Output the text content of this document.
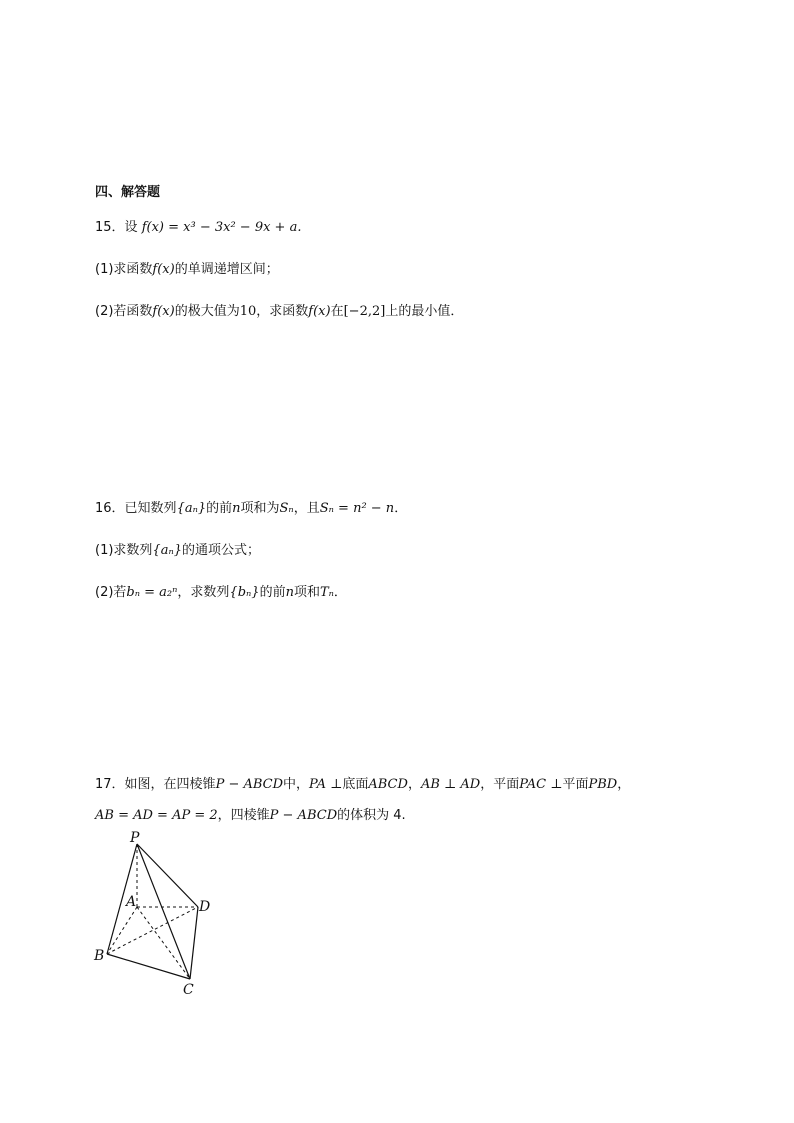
四、解答题
15．设 f(x) = x³ − 3x² − 9x + a.
(1)求函数f(x)的单调递增区间；
(2)若函数f(x)的极大值为10，求函数f(x)在[−2,2]上的最小值．
16．已知数列{aₙ}的前n项和为Sₙ，且Sₙ = n² − n．
(1)求数列{aₙ}的通项公式；
(2)若bₙ = a₂ⁿ，求数列{bₙ}的前n项和Tₙ．
17．如图，在四棱锥P − ABCD中，PA ⊥底面ABCD，AB ⊥ AD，平面PAC ⊥平面PBD，
AB = AD = AP = 2，四棱锥P − ABCD的体积为 4.
P
A	D
B
C
